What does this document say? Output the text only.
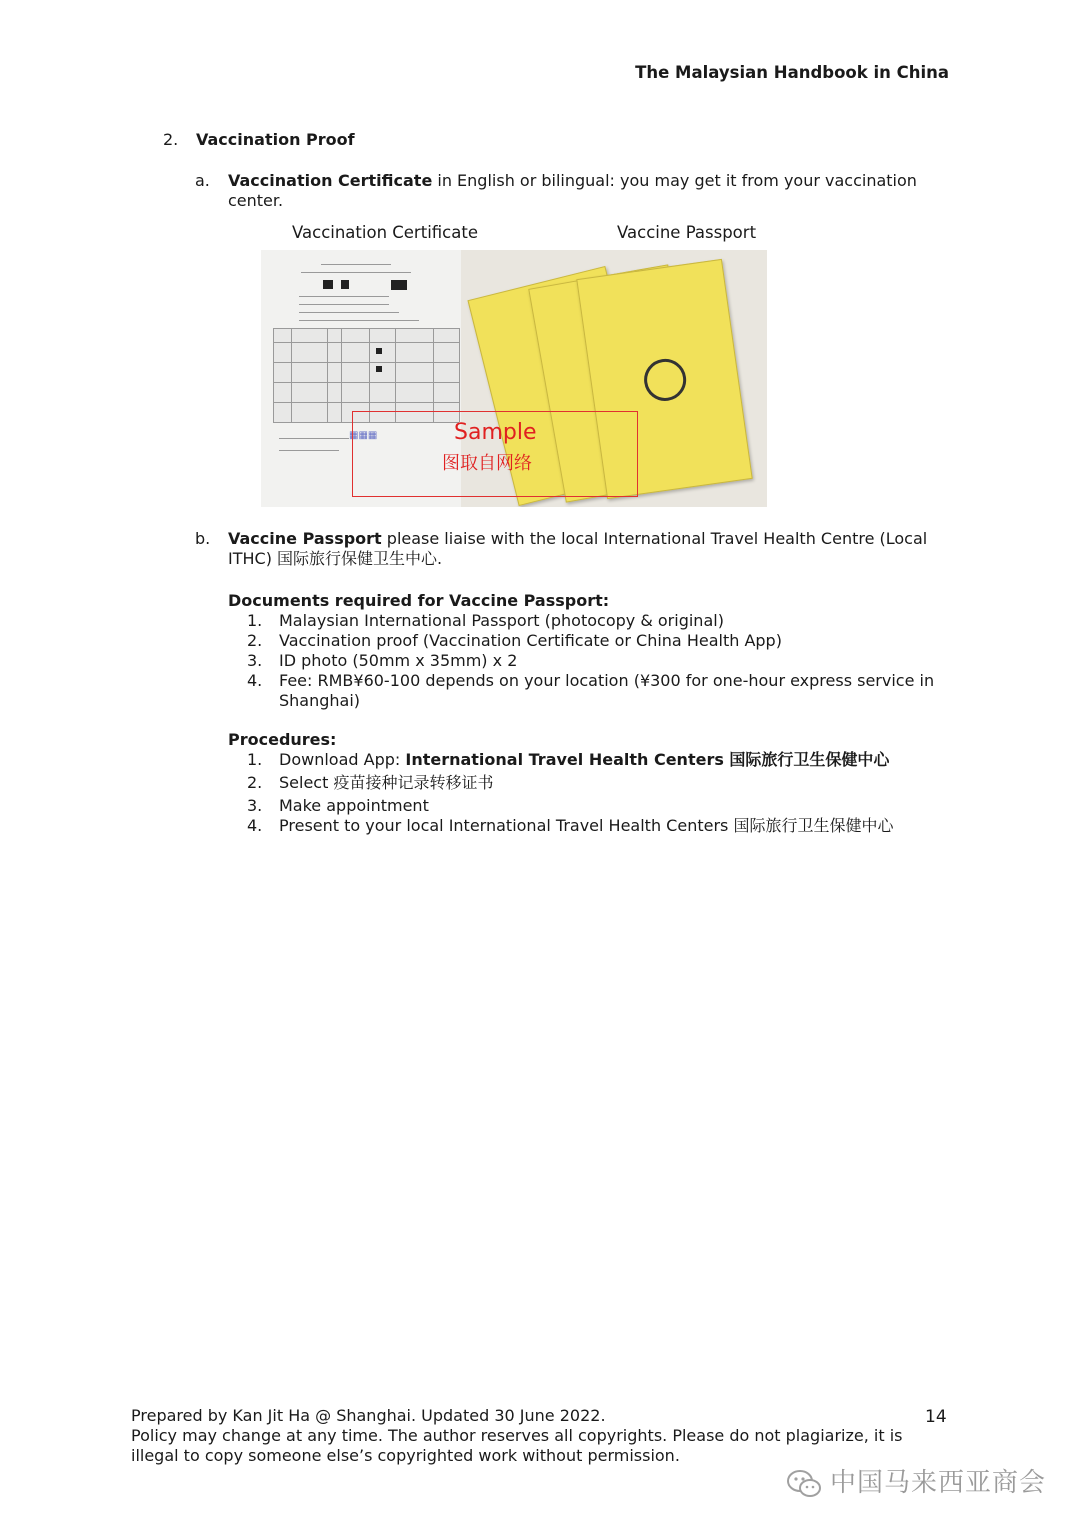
The Malaysian Handbook in China
2. Vaccination Proof
a. Vaccination Certificate in English or bilingual: you may get it from your vaccination center.
Vaccination Certificate	Vaccine Passport
▦▦▦	Sample
图取自网络
b. Vaccine Passport please liaise with the local International Travel Health Centre (Local ITHC) 国际旅行保健卫生中心.
Documents required for Vaccine Passport:
1. Malaysian International Passport (photocopy & original)
2. Vaccination proof (Vaccination Certificate or China Health App)
3. ID photo (50mm x 35mm) x 2
4. Fee: RMB¥60-100 depends on your location (¥300 for one-hour express service in Shanghai)
Procedures:
1. Download App: International Travel Health Centers 国际旅行卫生保健中心
2. Select 疫苗接种记录转移证书
3. Make appointment
4. Present to your local International Travel Health Centers 国际旅行卫生保健中心
Prepared by Kan Jit Ha @ Shanghai. Updated 30 June 2022.
Policy may change at any time. The author reserves all copyrights. Please do not plagiarize, it is illegal to copy someone else’s copyrighted work without permission.
14
中国马来西亚商会
